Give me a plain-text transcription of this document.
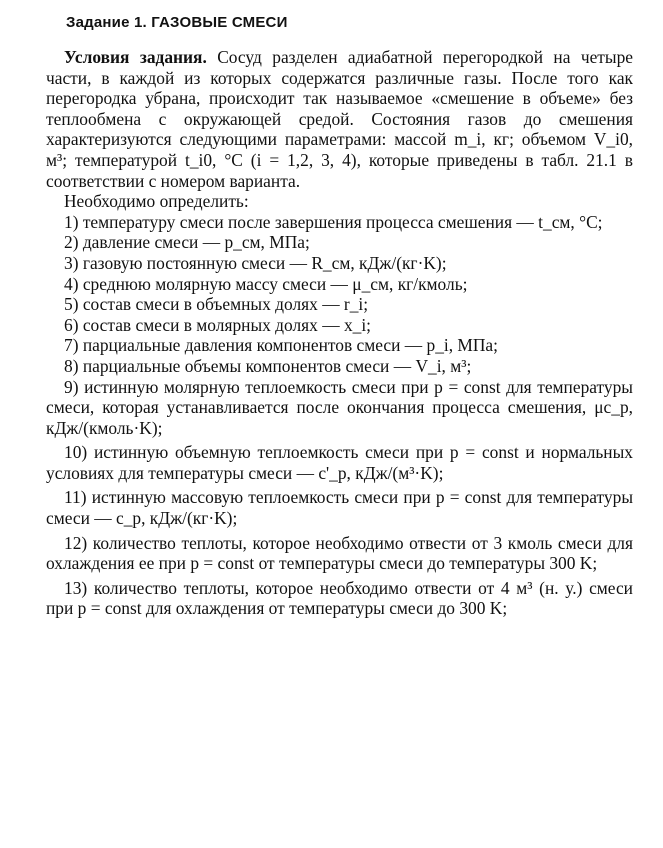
Задание 1. ГАЗОВЫЕ СМЕСИ

Условия задания. Сосуд разделен адиабатной перегородкой на четыре части, в каждой из которых содержатся различные газы. После того как перегородка убрана, происходит так называемое «смешение в объеме» без теплообмена с окружающей средой. Состояния газов до смешения характеризуются следующими параметрами: массой m_i, кг; объемом V_i0, м³; температурой t_i0, °C (i = 1,2, 3, 4), которые приведены в табл. 21.1 в соответствии с номером варианта.

Необходимо определить:

1) температуру смеси после завершения процесса смешения — t_см, °C;

2) давление смеси — p_см, МПа;

3) газовую постоянную смеси — R_см, кДж/(кг·K);

4) среднюю молярную массу смеси — μ_см, кг/кмоль;

5) состав смеси в объемных долях — r_i;

6) состав смеси в молярных долях — x_i;

7) парциальные давления компонентов смеси — p_i, МПа;

8) парциальные объемы компонентов смеси — V_i, м³;

9) истинную молярную теплоемкость смеси при p = const для температуры смеси, которая устанавливается после окончания процесса смешения, μc_p, кДж/(кмоль·K);

10) истинную объемную теплоемкость смеси при p = const и нормальных условиях для температуры смеси — c'_p, кДж/(м³·K);

11) истинную массовую теплоемкость смеси при p = const для температуры смеси — c_p, кДж/(кг·K);

12) количество теплоты, которое необходимо отвести от 3 кмоль смеси для охлаждения ее при p = const от температуры смеси до температуры 300 K;

13) количество теплоты, которое необходимо отвести от 4 м³ (н. у.) смеси при p = const для охлаждения от температуры смеси до 300 K;
